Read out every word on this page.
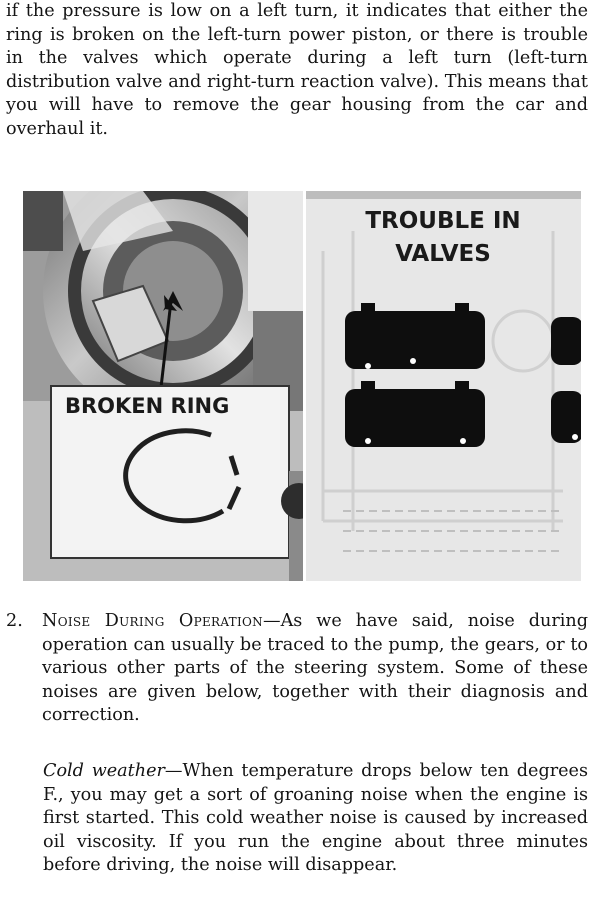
if the pressure is low on a left turn, it indicates that either the ring is broken on the left-turn power piston, or there is trouble in the valves which operate during a left turn (left-turn distribution valve and right-turn reaction valve). This means that you will have to remove the gear housing from the car and overhaul it.

BROKEN RING
TROUBLE IN
VALVES
2.	Noise During Operation—As we have said, noise during operation can usually be traced to the pump, the gears, or to various other parts of the steering system. Some of these noises are given below, together with their diagnosis and correction.

Cold weather—When temperature drops below ten degrees F., you may get a sort of groaning noise when the engine is first started. This cold weather noise is caused by increased oil viscosity. If you run the engine about three minutes before driving, the noise will disappear.
